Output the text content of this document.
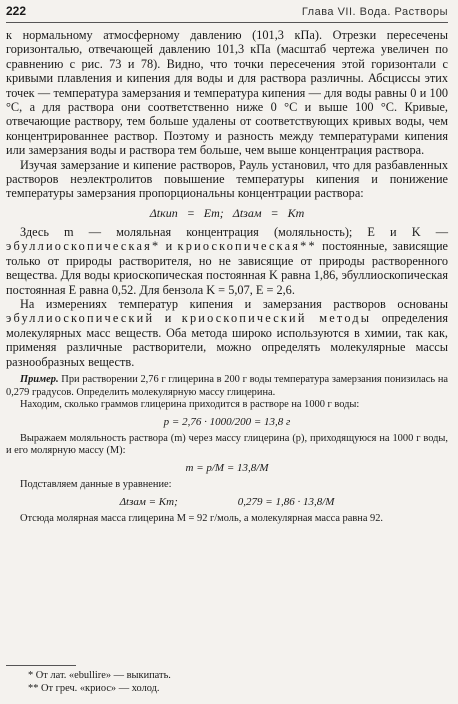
222	Глава VII. Вода. Растворы

к нормальному атмосферному давлению (101,3 кПа). Отрезки пересечены горизонталью, отвечающей давлению 101,3 кПа (масштаб чертежа увеличен по сравнению с рис. 73 и 78). Видно, что точки пересечения этой горизонтали с кривыми плавления и кипения для воды и для раствора различны. Абсциссы этих точек — температура замерзания и температура кипения — для воды равны 0 и 100 °С, а для раствора они соответственно ниже 0 °С и выше 100 °С. Кривые, отвечающие раствору, тем больше удалены от соответствующих кривых воды, чем концентрированнее раствор. Поэтому и разность между температурами кипения или замерзания воды и раствора тем больше, чем выше концентрация раствора.

Изучая замерзание и кипение растворов, Рауль установил, что для разбавленных растворов неэлектролитов повышение температуры кипения и понижение температуры замерзания пропорциональны концентрации раствора:

Δtкип = Em; Δtзам = Km

Здесь m — моляльная концентрация (моляльность); E и K —эбуллиоскопическая* и криоскопическая** постоянные, зависящие только от природы растворителя, но не зависящие от природы растворенного вещества. Для воды криоскопическая постоянная K равна 1,86, эбуллиоскопическая постоянная E равна 0,52. Для бензола K = 5,07, E = 2,6.

На измерениях температур кипения и замерзания растворов основаны эбуллиоскопический и криоскопический методы определения молекулярных масс веществ. Оба метода широко используются в химии, так как, применяя различные растворители, можно определять молекулярные массы разнообразных веществ.

Пример. При растворении 2,76 г глицерина в 200 г воды температура замерзания понизилась на 0,279 градусов. Определить молекулярную массу глицерина.

Находим, сколько граммов глицерина приходится в растворе на 1000 г воды:

p = 2,76 · 1000/200 = 13,8 г

Выражаем моляльность раствора (m) через массу глицерина (p), приходящуюся на 1000 г воды, и его молярную массу (M):

m = p/M = 13,8/M

Подставляем данные в уравнение:

Δtзам = Km;	0,279 = 1,86 · 13,8/M

Отсюда молярная масса глицерина M = 92 г/моль, а молекулярная масса равна 92.

* От лат. «ebullire» — выкипать.

** От греч. «криос» — холод.
